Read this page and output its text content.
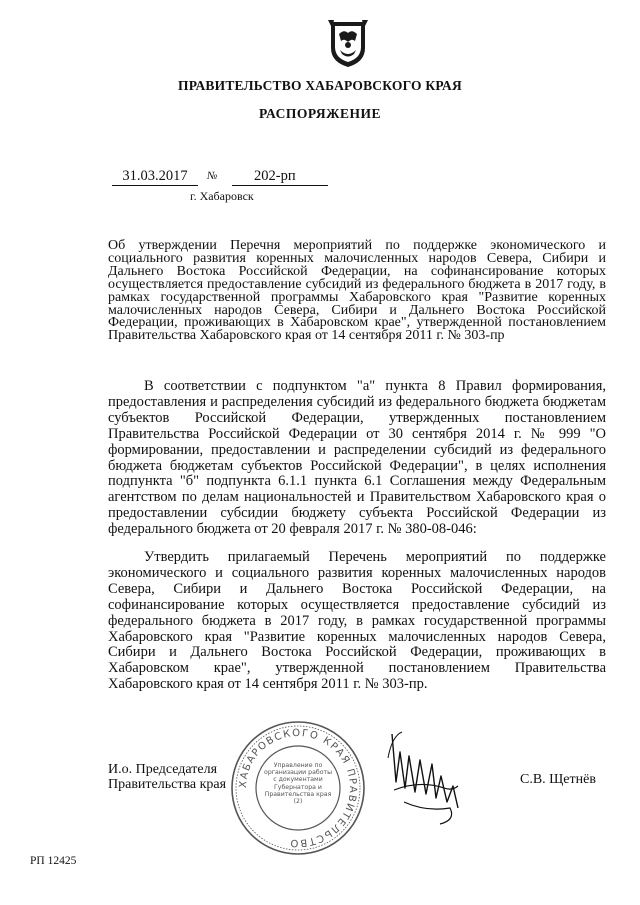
ПРАВИТЕЛЬСТВО ХАБАРОВСКОГО КРАЯ
РАСПОРЯЖЕНИЕ
31.03.2017	№	202-рп
г. Хабаровск
Об утверждении Перечня мероприятий по поддержке экономического и социального развития коренных малочисленных народов Севера, Сибири и Дальнего Востока Российской Федерации, на софинансирование которых осуществляется предоставление субсидий из федерального бюджета в 2017 году, в рамках государственной программы Хабаровского края "Развитие коренных малочисленных народов Севера, Сибири и Дальнего Востока Российской Федерации, проживающих в Хабаровском крае", утвержденной постановлением Правительства Хабаровского края от 14 сентября 2011 г. № 303-пр
В соответствии с подпунктом "а" пункта 8 Правил формирования, предоставления и распределения субсидий из федерального бюджета бюджетам субъектов Российской Федерации, утвержденных постановлением Правительства Российской Федерации от 30 сентября 2014 г. № 999 "О формировании, предоставлении и распределении субсидий из федерального бюджета бюджетам субъектов Российской Федерации", в целях исполнения подпункта "б" подпункта 6.1.1 пункта 6.1 Соглашения между Федеральным агентством по делам национальностей и Правительством Хабаровского края о предоставлении субсидии бюджету субъекта Российской Федерации из федерального бюджета от 20 февраля 2017 г. № 380-08-046:
Утвердить прилагаемый Перечень мероприятий по поддержке экономического и социального развития коренных малочисленных народов Севера, Сибири и Дальнего Востока Российской Федерации, на софинансирование которых осуществляется предоставление субсидий из федерального бюджета в 2017 году, в рамках государственной программы Хабаровского края "Развитие коренных малочисленных народов Севера, Сибири и Дальнего Востока Российской Федерации, проживающих в Хабаровском крае", утвержденной постановлением Правительства Хабаровского края от 14 сентября 2011 г. № 303-пр.
И.о. Председателя
Правительства края ХАБАРОВСКОГО КРАЯ ПРАВИТЕЛЬСТВО
Управление по организации работы с документами Губернатора и Правительства края (2)
С.В. Щетнёв
РП 12425
